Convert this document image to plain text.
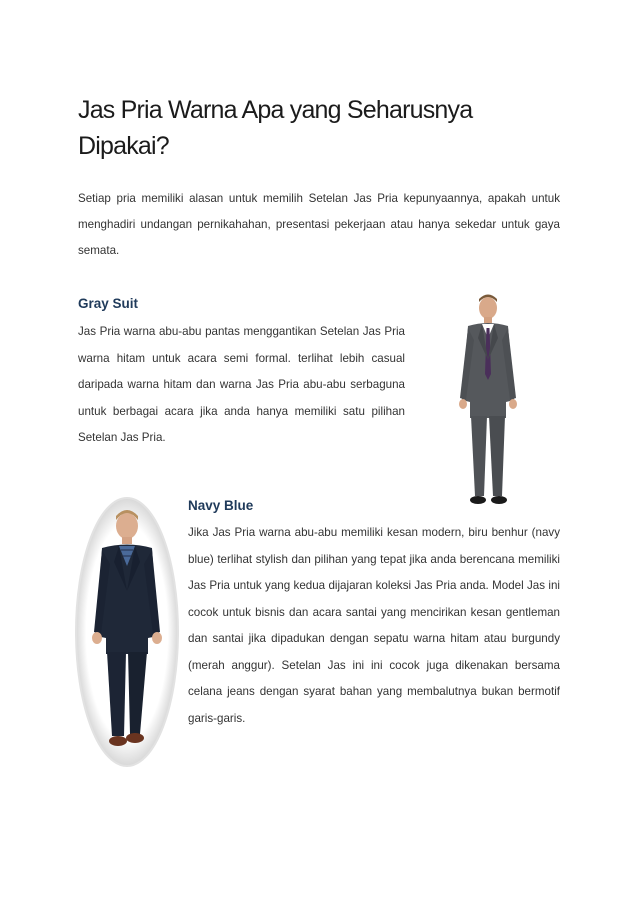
Jas Pria Warna Apa yang Seharusnya Dipakai?

Setiap pria memiliki alasan untuk memilih Setelan Jas Pria kepunyaannya, apakah untuk menghadiri undangan pernikahahan, presentasi pekerjaan atau hanya sekedar untuk gaya semata.

Gray Suit

Jas Pria warna abu-abu pantas menggantikan Setelan Jas Pria warna hitam untuk acara semi formal. terlihat lebih casual daripada warna hitam dan warna Jas Pria abu-abu serbaguna untuk berbagai acara jika anda hanya memiliki satu pilihan Setelan Jas Pria.

Navy Blue

Jika Jas Pria warna abu-abu memiliki kesan modern, biru benhur (navy blue) terlihat stylish dan pilihan yang tepat jika anda berencana memiliki Jas Pria untuk yang kedua dijajaran koleksi Jas Pria anda. Model Jas ini cocok untuk bisnis dan acara santai yang mencirikan kesan gentleman dan santai jika dipadukan dengan sepatu warna hitam atau burgundy (merah anggur). Setelan Jas ini ini cocok juga dikenakan bersama celana jeans dengan syarat bahan yang membalutnya bukan bermotif garis-garis.
